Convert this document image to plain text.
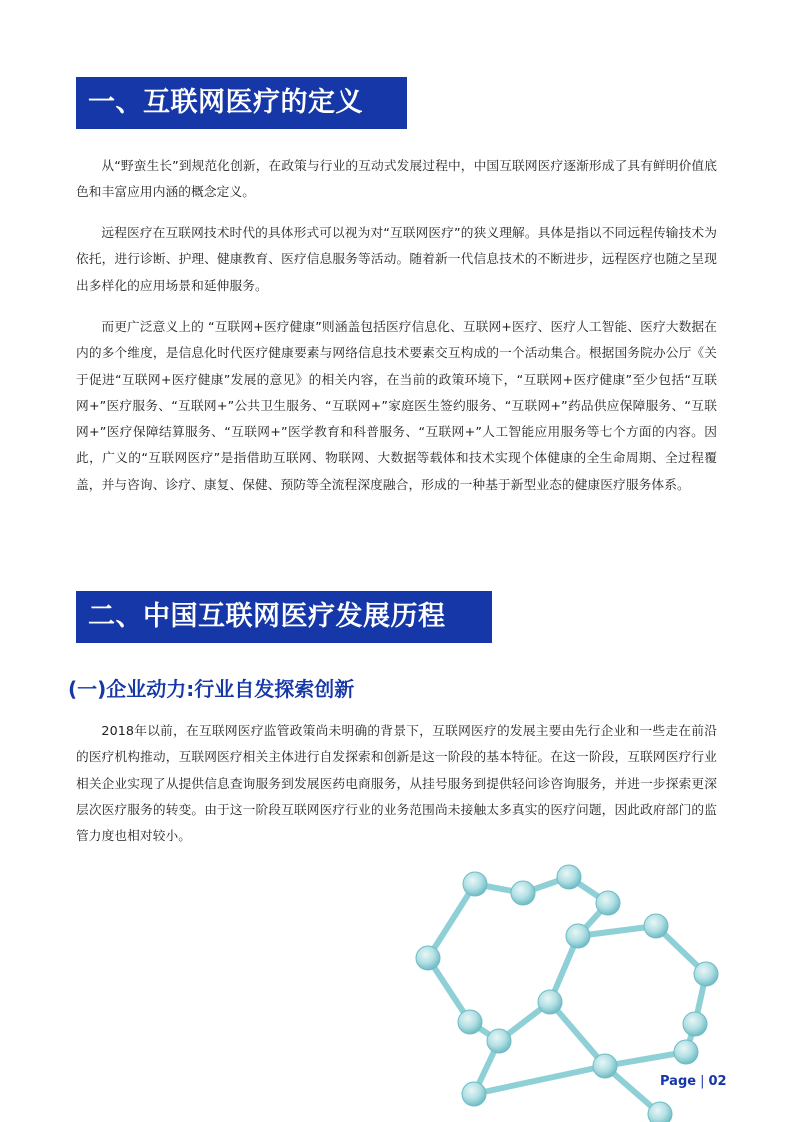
一、互联网医疗的定义

从“野蛮生长”到规范化创新，在政策与行业的互动式发展过程中，中国互联网医疗逐渐形成了具有鲜明价值底色和丰富应用内涵的概念定义。

远程医疗在互联网技术时代的具体形式可以视为对“互联网医疗”的狭义理解。具体是指以不同远程传输技术为依托，进行诊断、护理、健康教育、医疗信息服务等活动。随着新一代信息技术的不断进步，远程医疗也随之呈现出多样化的应用场景和延伸服务。

而更广泛意义上的 “互联网+医疗健康”则涵盖包括医疗信息化、互联网+医疗、医疗人工智能、医疗大数据在内的多个维度，是信息化时代医疗健康要素与网络信息技术要素交互构成的一个活动集合。根据国务院办公厅《关于促进“互联网+医疗健康”发展的意见》的相关内容，在当前的政策环境下，“互联网+医疗健康”至少包括“互联网+”医疗服务、“互联网+”公共卫生服务、“互联网+”家庭医生签约服务、“互联网+”药品供应保障服务、“互联网+”医疗保障结算服务、“互联网+”医学教育和科普服务、“互联网+”人工智能应用服务等七个方面的内容。因此，广义的“互联网医疗”是指借助互联网、物联网、大数据等载体和技术实现个体健康的全生命周期、全过程覆盖，并与咨询、诊疗、康复、保健、预防等全流程深度融合，形成的一种基于新型业态的健康医疗服务体系。

二、中国互联网医疗发展历程
(一)企业动力:行业自发探索创新

2018年以前，在互联网医疗监管政策尚未明确的背景下，互联网医疗的发展主要由先行企业和一些走在前沿的医疗机构推动，互联网医疗相关主体进行自发探索和创新是这一阶段的基本特征。在这一阶段，互联网医疗行业相关企业实现了从提供信息查询服务到发展医药电商服务，从挂号服务到提供轻问诊咨询服务，并进一步探索更深层次医疗服务的转变。由于这一阶段互联网医疗行业的业务范围尚未接触太多真实的医疗问题，因此政府部门的监管力度也相对较小。

Page | 02
